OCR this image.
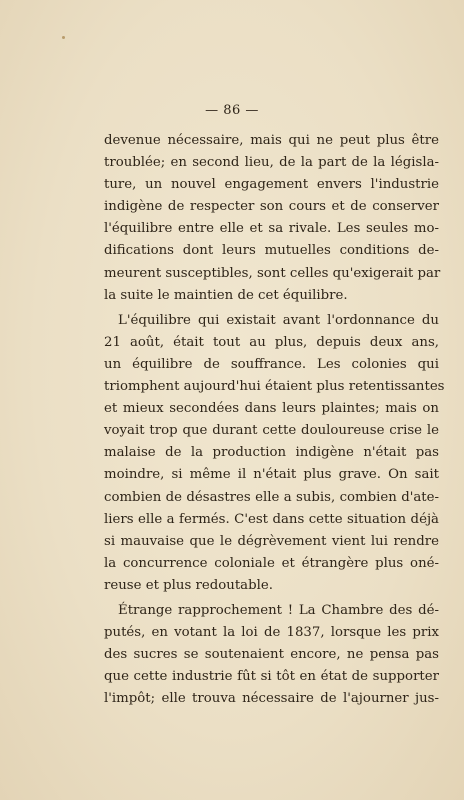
— 86 —
devenue nécessaire, mais qui ne peut plus être
troublée; en second lieu, de la part de la législa-
ture, un nouvel engagement envers l'industrie
indigène de respecter son cours et de conserver
l'équilibre entre elle et sa rivale. Les seules mo-
difications dont leurs mutuelles conditions de-
meurent susceptibles, sont celles qu'exigerait par
la suite le maintien de cet équilibre.
L'équilibre qui existait avant l'ordonnance du
21 août, était tout au plus, depuis deux ans,
un équilibre de souffrance. Les colonies qui
triomphent aujourd'hui étaient plus retentissantes
et mieux secondées dans leurs plaintes; mais on
voyait trop que durant cette douloureuse crise le
malaise de la production indigène n'était pas
moindre, si même il n'était plus grave. On sait
combien de désastres elle a subis, combien d'ate-
liers elle a fermés. C'est dans cette situation déjà
si mauvaise que le dégrèvement vient lui rendre
la concurrence coloniale et étrangère plus oné-
reuse et plus redoutable.
Étrange rapprochement ! La Chambre des dé-
putés, en votant la loi de 1837, lorsque les prix
des sucres se soutenaient encore, ne pensa pas
que cette industrie fût si tôt en état de supporter
l'impôt; elle trouva nécessaire de l'ajourner jus-
